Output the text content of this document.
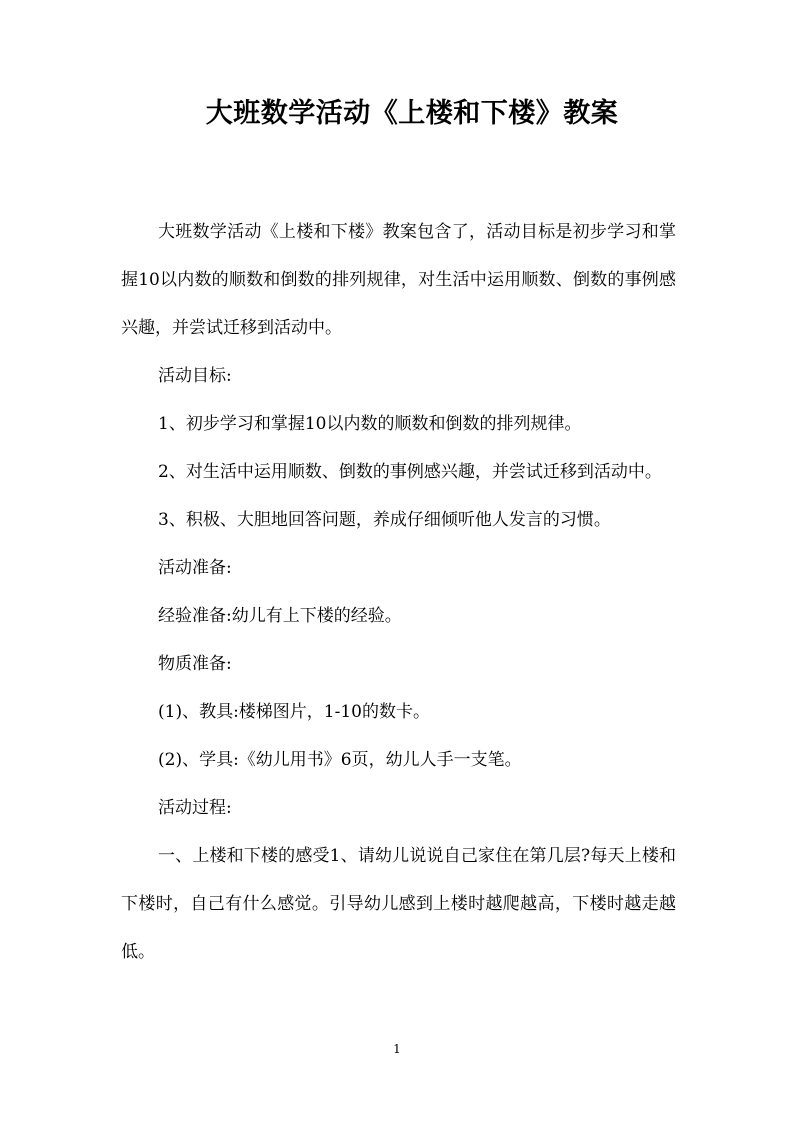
大班数学活动《上楼和下楼》教案

大班数学活动《上楼和下楼》教案包含了，活动目标是初步学习和掌握10以内数的顺数和倒数的排列规律，对生活中运用顺数、倒数的事例感兴趣，并尝试迁移到活动中。

活动目标:

1、初步学习和掌握10以内数的顺数和倒数的排列规律。

2、对生活中运用顺数、倒数的事例感兴趣，并尝试迁移到活动中。

3、积极、大胆地回答问题，养成仔细倾听他人发言的习惯。

活动准备:

经验准备:幼儿有上下楼的经验。

物质准备:

(1)、教具:楼梯图片，1-10的数卡。

(2)、学具:《幼儿用书》6页，幼儿人手一支笔。

活动过程:

一、上楼和下楼的感受1、请幼儿说说自己家住在第几层?每天上楼和下楼时，自己有什么感觉。引导幼儿感到上楼时越爬越高，下楼时越走越低。

1
